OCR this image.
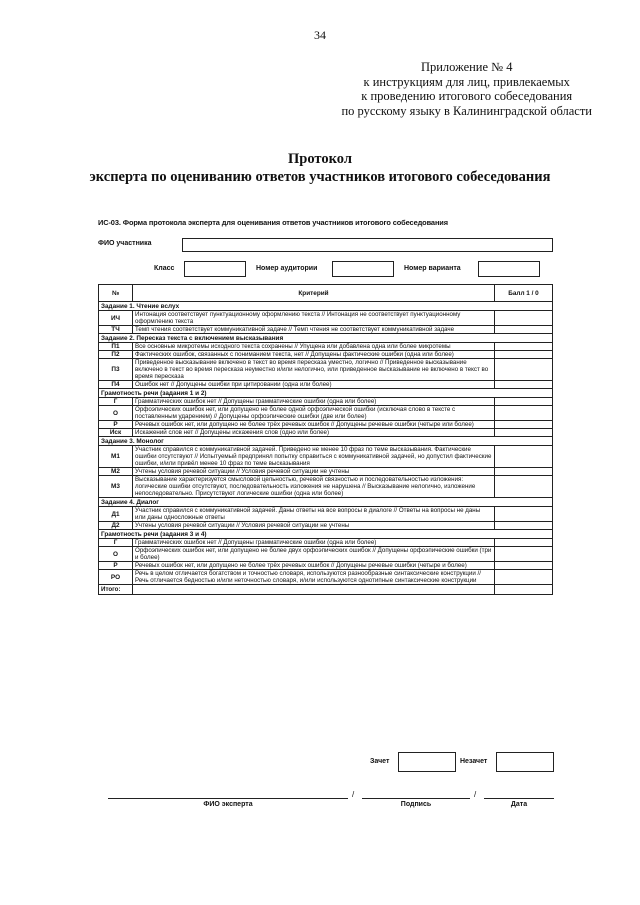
34
Приложение № 4
к инструкциям для лиц, привлекаемых
к проведению итогового собеседования
по русскому языку в Калининградской области
Протокол
эксперта по оцениванию ответов участников итогового собеседования
ИС-03. Форма протокола эксперта для оценивания ответов участников итогового собеседования
ФИО участника
Класс	Номер аудитории	Номер варианта
№	Критерий	Балл 1 / 0
Задание 1. Чтение вслух		
ИЧ	Интонация соответствует пунктуационному оформлению текста // Интонация не соответствует пунктуационному оформлению текста	
ТЧ	Темп чтения соответствует коммуникативной задаче // Темп чтения не соответствует коммуникативной задаче	
Задание 2. Пересказ текста с включением высказывания		
П1	Все основные микротемы исходного текста сохранены // Упущена или добавлена одна или более микротемы	
П2	Фактических ошибок, связанных с пониманием текста, нет // Допущены фактические ошибки (одна или более)	
П3	Приведенное высказывание включено в текст во время пересказа уместно, логично // Приведенное высказывание включено в текст во время пересказа неуместно и/или нелогично, или приведенное высказывание не включено в текст во время пересказа	
П4	Ошибок нет // Допущены ошибки при цитировании (одна или более)	
Грамотность речи (задания 1 и 2)		
Г	Грамматических ошибок нет // Допущены грамматические ошибки (одна или более)	
О	Орфоэпических ошибок нет, или допущено не более одной орфоэпической ошибки (исключая слово в тексте с поставленным ударением) // Допущены орфоэпические ошибки (две или более)	
Р	Речевых ошибок нет, или допущено не более трёх речевых ошибок // Допущены речевые ошибки (четыре или более)	
Иск	Искажений слов нет // Допущены искажения слов (одно или более)	
Задание 3. Монолог		
М1	Участник справился с коммуникативной задачей. Приведено не менее 10 фраз по теме высказывания. Фактические ошибки отсутствуют // Испытуемый предпринял попытку справиться с коммуникативной задачей, но допустил фактические ошибки, и/или привёл менее 10 фраз по теме высказывания	
М2	Учтены условия речевой ситуации // Условия речевой ситуации не учтены	
М3	Высказывание характеризуется смысловой цельностью, речевой связностью и последовательностью изложения: логические ошибки отсутствуют, последовательность изложения не нарушена // Высказывание нелогично, изложение непоследовательно. Присутствуют логические ошибки (одна или более)	
Задание 4. Диалог		
Д1	Участник справился с коммуникативной задачей. Даны ответы на все вопросы в диалоге // Ответы на вопросы не даны или даны односложные ответы	
Д2	Учтены условия речевой ситуации // Условия речевой ситуации не учтены	
Грамотность речи (задания 3 и 4)		
Г	Грамматических ошибок нет // Допущены грамматические ошибки (одна или более)	
О	Орфоэпических ошибок нет, или допущено не более двух орфоэпических ошибок // Допущены орфоэпические ошибки (три и более)	
Р	Речевых ошибок нет, или допущено не более трёх речевых ошибок // Допущены речевые ошибки (четыре и более)	
РО	Речь в целом отличается богатством и точностью словаря, используются разнообразные синтаксические конструкции // Речь отличается бедностью и/или неточностью словаря, и/или используются однотипные синтаксические конструкции	
Итого:		
Зачет	Незачет
/	/
ФИО эксперта	Подпись	Дата
